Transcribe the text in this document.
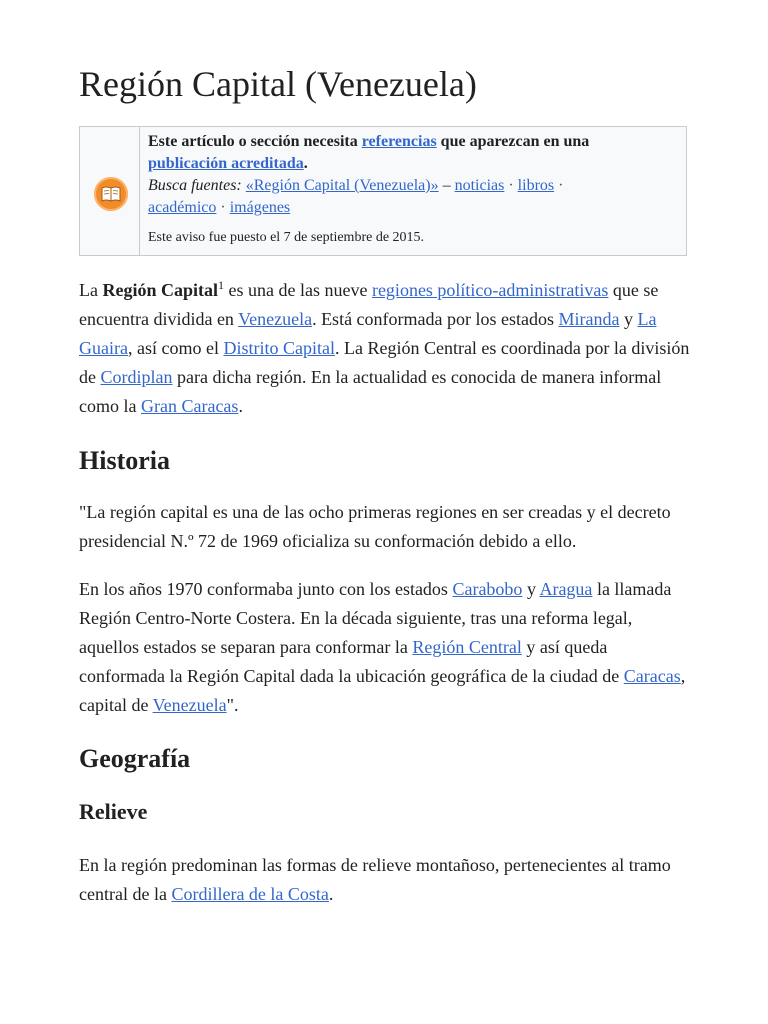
Región Capital (Venezuela)
Este artículo o sección necesita referencias que aparezcan en una
publicación acreditada.
Busca fuentes: «Región Capital (Venezuela)» – noticias · libros ·
académico · imágenes
Este aviso fue puesto el 7 de septiembre de 2015.

La Región Capital$^1$ es una de las nueve regiones político-administrativas que se encuentra dividida en Venezuela. Está conformada por los estados Miranda y La Guaira, así como el Distrito Capital. La Región Central es coordinada por la división de Cordiplan para dicha región. En la actualidad es conocida de manera informal como la Gran Caracas.

Historia

"La región capital es una de las ocho primeras regiones en ser creadas y el decreto presidencial N.º 72 de 1969 oficializa su conformación debido a ello.

En los años 1970 conformaba junto con los estados Carabobo y Aragua la llamada Región Centro-Norte Costera. En la década siguiente, tras una reforma legal, aquellos estados se separan para conformar la Región Central y así queda conformada la Región Capital dada la ubicación geográfica de la ciudad de Caracas, capital de Venezuela".

Geografía
Relieve

En la región predominan las formas de relieve montañoso, pertenecientes al tramo central de la Cordillera de la Costa.
